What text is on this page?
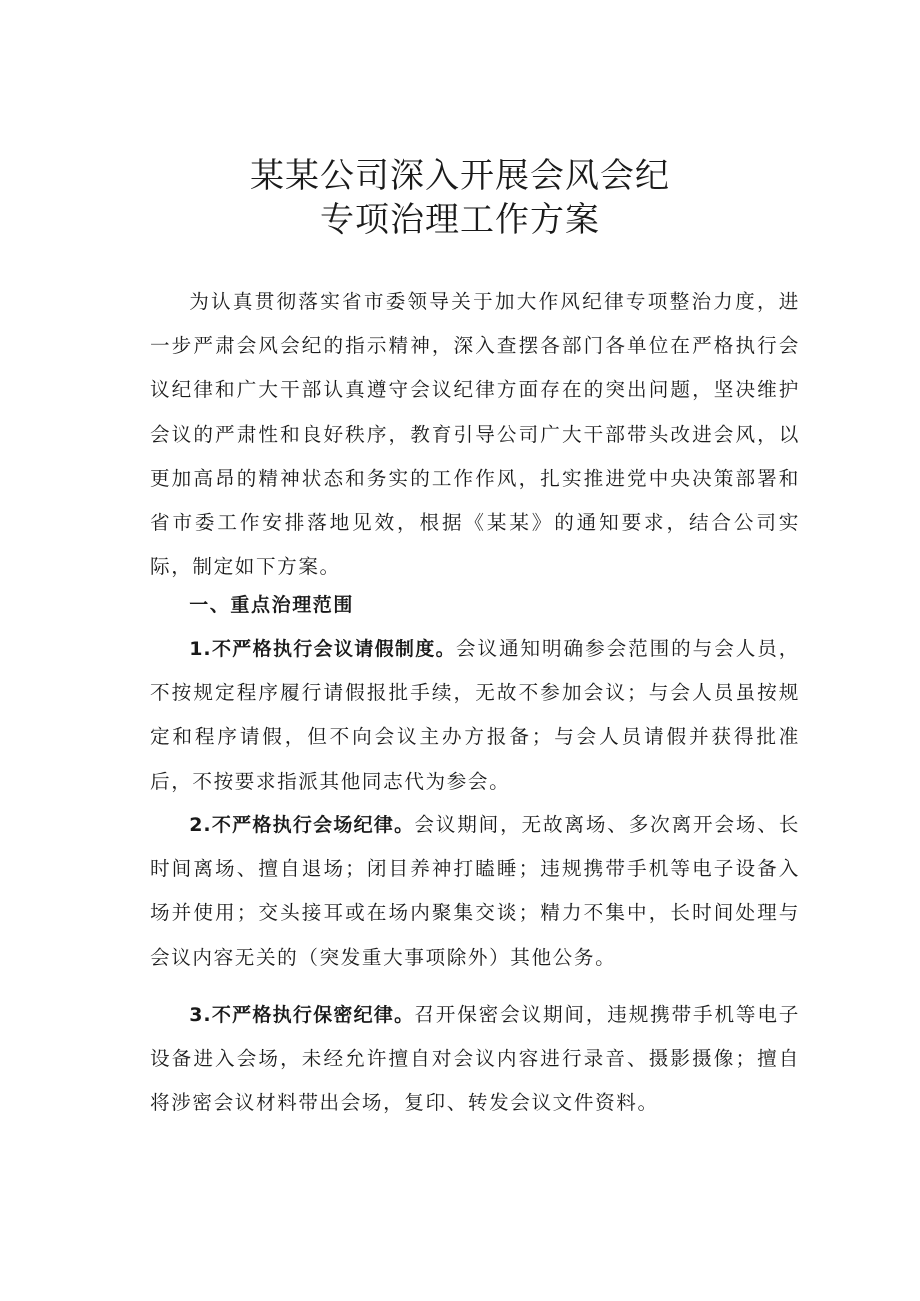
某某公司深入开展会风会纪
专项治理工作方案

为认真贯彻落实省市委领导关于加大作风纪律专项整治力度，进一步严肃会风会纪的指示精神，深入查摆各部门各单位在严格执行会议纪律和广大干部认真遵守会议纪律方面存在的突出问题，坚决维护会议的严肃性和良好秩序，教育引导公司广大干部带头改进会风，以更加高昂的精神状态和务实的工作作风，扎实推进党中央决策部署和省市委工作安排落地见效，根据《某某》的通知要求，结合公司实际，制定如下方案。

一、重点治理范围

1.不严格执行会议请假制度。会议通知明确参会范围的与会人员，不按规定程序履行请假报批手续，无故不参加会议；与会人员虽按规定和程序请假，但不向会议主办方报备；与会人员请假并获得批准后，不按要求指派其他同志代为参会。

2.不严格执行会场纪律。会议期间，无故离场、多次离开会场、长时间离场、擅自退场；闭目养神打瞌睡；违规携带手机等电子设备入场并使用；交头接耳或在场内聚集交谈；精力不集中，长时间处理与会议内容无关的（突发重大事项除外）其他公务。

3.不严格执行保密纪律。召开保密会议期间，违规携带手机等电子设备进入会场，未经允许擅自对会议内容进行录音、摄影摄像；擅自将涉密会议材料带出会场，复印、转发会议文件资料。
